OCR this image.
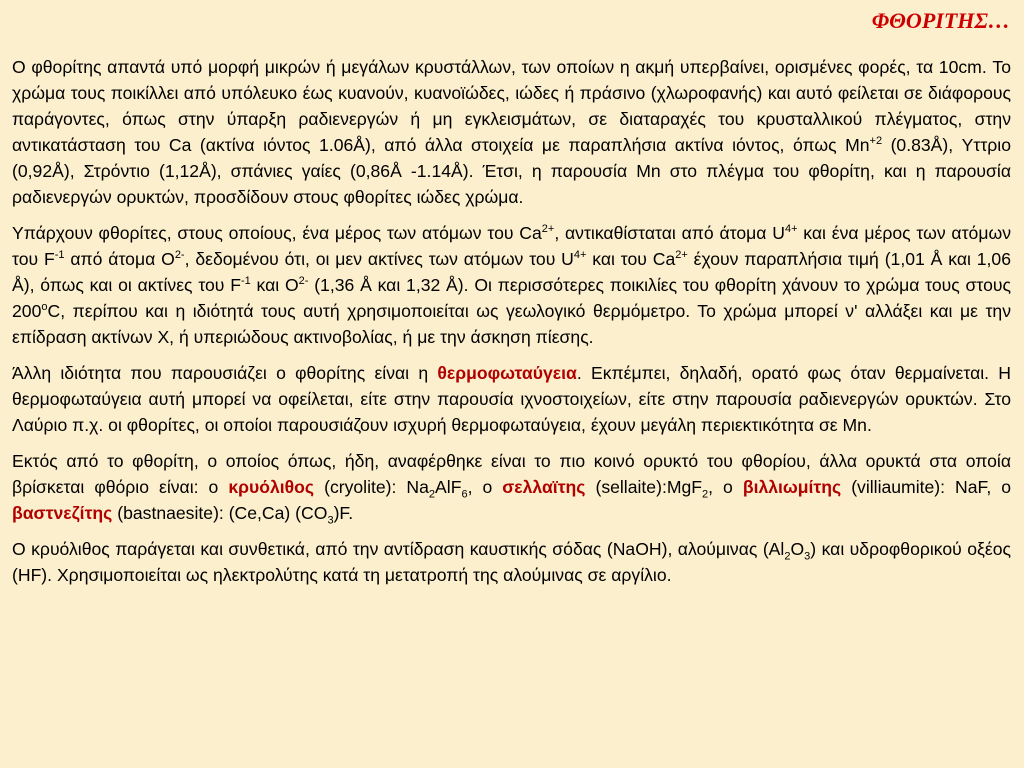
ΦΘΟΡΙΤΗΣ…

Ο φθορίτης απαντά υπό μορφή μικρών ή μεγάλων κρυστάλλων, των οποίων η ακμή υπερβαίνει, ορισμένες φορές, τα 10cm. Το χρώμα τους ποικίλλει από υπόλευκο έως κυανούν, κυανοϊώδες, ιώδες ή πράσινο (χλωροφανής) και αυτό φείλεται σε διάφορους παράγοντες, όπως στην ύπαρξη ραδιενεργών ή μη εγκλεισμάτων, σε διαταραχές του κρυσταλλικού πλέγματος, στην αντικατάσταση του Ca (ακτίνα ιόντος 1.06Å), από άλλα στοιχεία με παραπλήσια ακτίνα ιόντος, όπως $Mn^{+2}$ (0.83Å), Υττριο (0,92Å), Στρόντιο (1,12Å), σπάνιες γαίες (0,86Å -1.14Å). Έτσι, η παρουσία Mn στο πλέγμα του φθορίτη, και η παρουσία ραδιενεργών ορυκτών, προσδίδουν στους φθορίτες ιώδες χρώμα.

Υπάρχουν φθορίτες, στους οποίους, ένα μέρος των ατόμων του $Ca^{2+}$, αντικαθίσταται από άτομα $U^{4+}$ και ένα μέρος των ατόμων του $F^{-1}$ από άτομα $O^{2-}$, δεδομένου ότι, οι μεν ακτίνες των ατόμων του $U^{4+}$ και του $Ca^{2+}$ έχουν παραπλήσια τιμή (1,01 Å και 1,06 Å), όπως και οι ακτίνες του $F^{-1}$ και $O^{2-}$ (1,36 Å και 1,32 Å). Οι περισσότερες ποικιλίες του φθορίτη χάνουν το χρώμα τους στους 200$^o$C, περίπου και η ιδιότητά τους αυτή χρησιμοποιείται ως γεωλογικό θερμόμετρο. Το χρώμα μπορεί ν' αλλάξει και με την επίδραση ακτίνων X, ή υπεριώδους ακτινοβολίας, ή με την άσκηση πίεσης.

Άλλη ιδιότητα που παρουσιάζει ο φθορίτης είναι η θερμοφωταύγεια. Εκπέμπει, δηλαδή, ορατό φως όταν θερμαίνεται. Η θερμοφωταύγεια αυτή μπορεί να οφείλεται, είτε στην παρουσία ιχνοστοιχείων, είτε στην παρουσία ραδιενεργών ορυκτών. Στο Λαύριο π.χ. οι φθορίτες, οι οποίοι παρουσιάζουν ισχυρή θερμοφωταύγεια, έχουν μεγάλη περιεκτικότητα σε Mn.

Εκτός από το φθορίτη, ο οποίος όπως, ήδη, αναφέρθηκε είναι το πιο κοινό ορυκτό του φθορίου, άλλα ορυκτά στα οποία βρίσκεται φθόριο είναι: ο κρυόλιθος (cryolite): $Na_2AlF_6$, o σελλαϊτης (sellaite):MgF$_2$, ο βιλλιωμίτης (villiaumite): NaF, ο βαστνεζίτης (bastnaesite): (Ce,Ca) $(CO_3)F$.

Ο κρυόλιθος παράγεται και συνθετικά, από την αντίδραση καυστικής σόδας (NaOH), αλούμινας $(Al_2O_3)$ και υδροφθορικού οξέος (HF). Χρησιμοποιείται ως ηλεκτρολύτης κατά τη μετατροπή της αλούμινας σε αργίλιο.
